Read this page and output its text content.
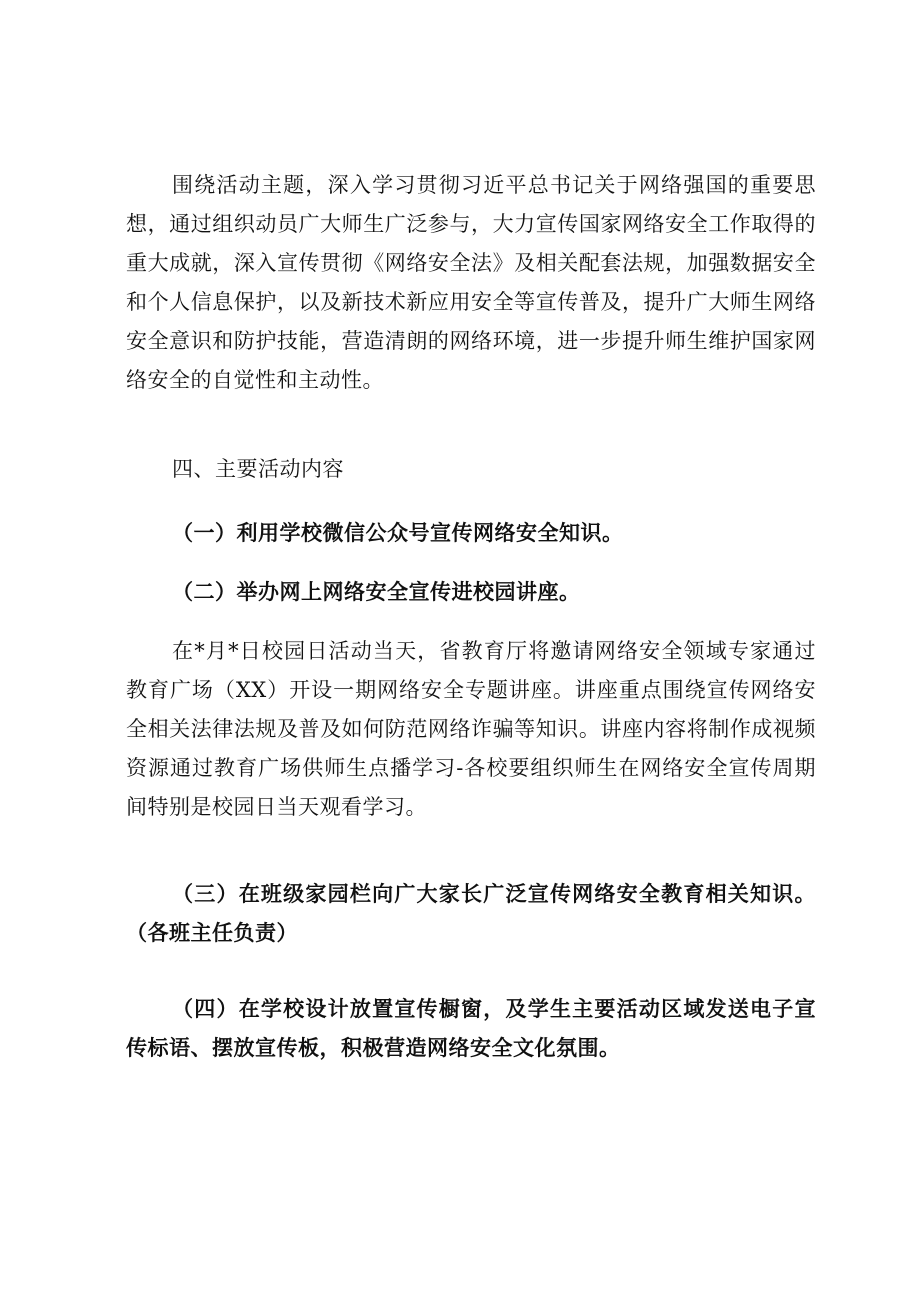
围绕活动主题，深入学习贯彻习近平总书记关于网络强国的重要思想，通过组织动员广大师生广泛参与，大力宣传国家网络安全工作取得的重大成就，深入宣传贯彻《网络安全法》及相关配套法规，加强数据安全和个人信息保护，以及新技术新应用安全等宣传普及，提升广大师生网络安全意识和防护技能，营造清朗的网络环境，进一步提升师生维护国家网络安全的自觉性和主动性。

四、主要活动内容

（一）利用学校微信公众号宣传网络安全知识。

（二）举办网上网络安全宣传进校园讲座。

在*月*日校园日活动当天，省教育厅将邀请网络安全领域专家通过教育广场（XX）开设一期网络安全专题讲座。讲座重点围绕宣传网络安全相关法律法规及普及如何防范网络诈骗等知识。讲座内容将制作成视频资源通过教育广场供师生点播学习-各校要组织师生在网络安全宣传周期间特别是校园日当天观看学习。

（三）在班级家园栏向广大家长广泛宣传网络安全教育相关知识。（各班主任负责）

（四）在学校设计放置宣传橱窗，及学生主要活动区域发送电子宣传标语、摆放宣传板，积极营造网络安全文化氛围。
